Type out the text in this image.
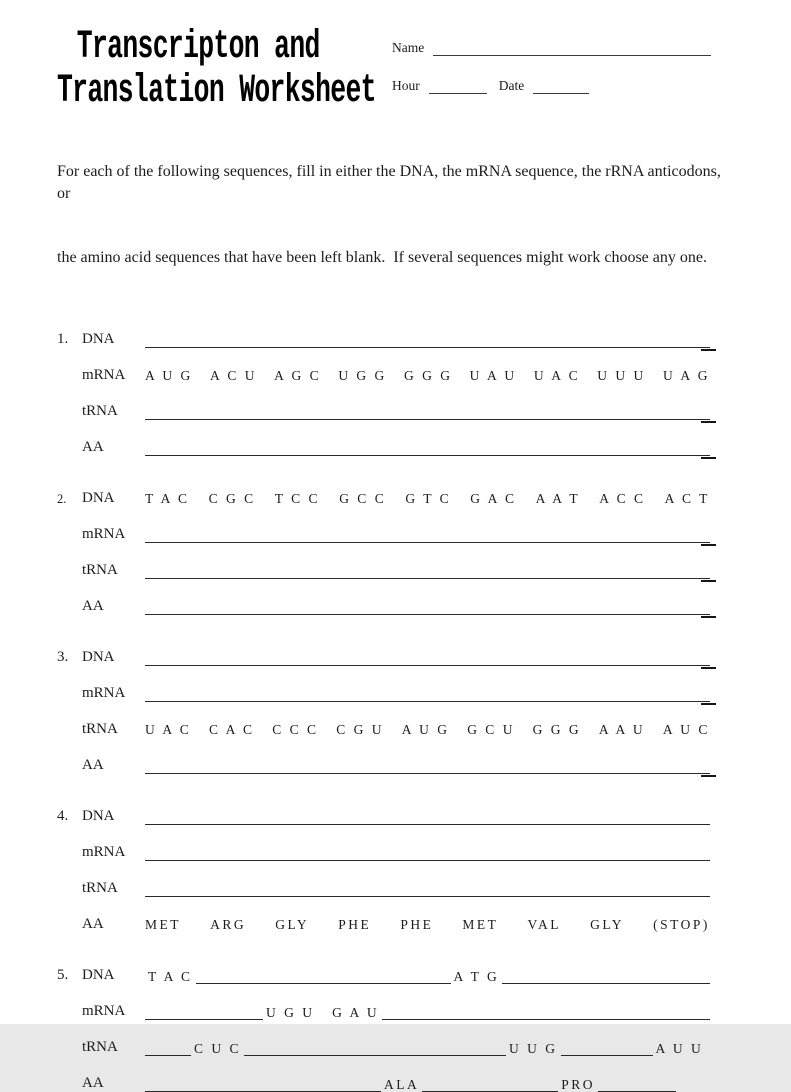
Transcripton and
Translation Worksheet
Name
Hour	Date

For each of the following sequences, fill in either the DNA, the mRNA sequence, the rRNA anticodons, or

the amino acid sequences that have been left blank.  If several sequences might work choose any one.

1. DNA
mRNA	A U G A C U A G C U G G G G G U A U U A C U U U U A G
tRNA
AA
2.	DNA	T A C C G C T C C G C C G T C G A C A A T A C C A C T
mRNA
tRNA
AA
3. DNA
mRNA
tRNA	U A C C A C C C C C G U A U G G C U G G G A A U A U C
AA
4. DNA
mRNA
tRNA
AA	MET ARG GLY PHE PHE MET VAL GLY (STOP)
5. DNA	T A C	A T G
mRNA	U G U   G A U
tRNA	C U C	U U G	A U U
AA	ALA	PRO
